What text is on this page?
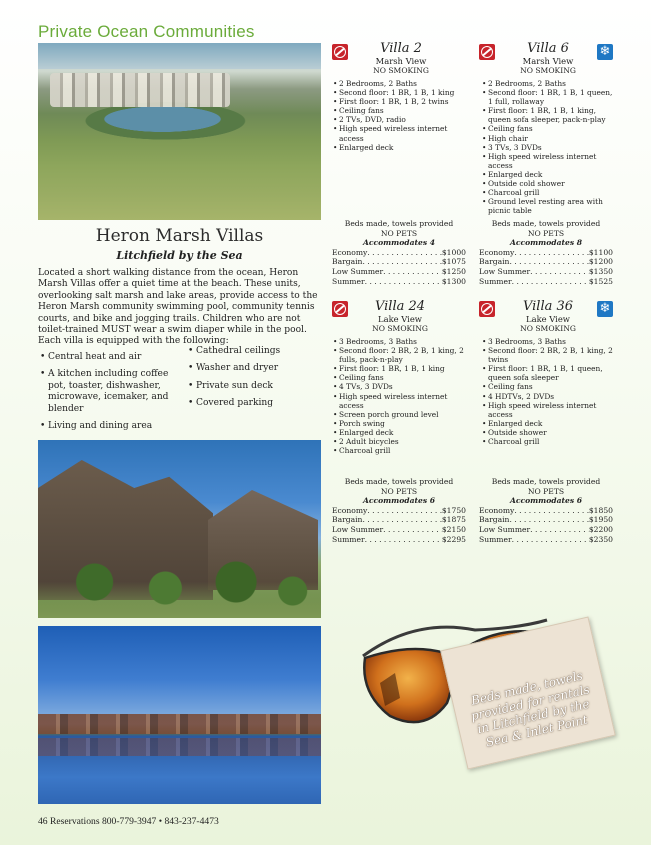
Private Ocean Communities
Heron Marsh Villas
Litchfield by the Sea

Located a short walking distance from the ocean, Heron Marsh Villas offer a quiet time at the beach. These units, overlooking salt marsh and lake areas, provide access to the Heron Marsh community swimming pool, community tennis courts, and bike and jogging trails. Children who are not toilet-trained MUST wear a swim diaper while in the pool. Each villa is equipped with the following:

• Central heat and air
• A kitchen including coffee pot, toaster, dishwasher, microwave, icemaker, and blender
• Living and dining area
• Cathedral ceilings
• Washer and dryer
• Private sun deck
• Covered parking
46 Reservations 800-779-3947 • 843-237-4473
Villa 2
Marsh View
NO SMOKING
• 2 Bedrooms, 2 Baths
• Second floor: 1 BR, 1 B, 1 king
• First floor: 1 BR, 1 B, 2 twins
• Ceiling fans
• 2 TVs, DVD, radio
• High speed wireless internet access
• Enlarged deck
Beds made, towels provided
NO PETS
Accommodates 4
Economy . . .	$1000
Bargain . . .	$1075
Low Summer . . .	$1250
Summer . . .	$1300
❄
Villa 6
Marsh View
NO SMOKING
• 2 Bedrooms, 2 Baths
• Second floor: 1 BR, 1 B, 1 queen, 1 full, rollaway
• First floor: 1 BR, 1 B, 1 king, queen sofa sleeper, pack-n-play
• Ceiling fans
• High chair
• 3 TVs, 3 DVDs
• High speed wireless internet access
• Enlarged deck
• Outside cold shower
• Charcoal grill
• Ground level resting area with picnic table
Beds made, towels provided
NO PETS
Accommodates 8
Economy . . .	$1100
Bargain . . .	$1200
Low Summer . . .	$1350
Summer . . .	$1525
Villa 24
Lake View
NO SMOKING
• 3 Bedrooms, 3 Baths
• Second floor: 2 BR, 2 B, 1 king, 2 fulls, pack-n-play
• First floor: 1 BR, 1 B, 1 king
• Ceiling fans
• 4 TVs, 3 DVDs
• High speed wireless internet access
• Screen porch ground level
• Porch swing
• Enlarged deck
• 2 Adult bicycles
• Charcoal grill
Beds made, towels provided
NO PETS
Accommodates 6
Economy . . .	$1750
Bargain . . .	$1875
Low Summer . . .	$2150
Summer . . .	$2295
❄
Villa 36
Lake View
NO SMOKING
• 3 Bedrooms, 3 Baths
• Second floor: 2 BR, 2 B, 1 king, 2 twins
• First floor: 1 BR, 1 B, 1 queen, queen sofa sleeper
• Ceiling fans
• 4 HDTVs, 2 DVDs
• High speed wireless internet access
• Enlarged deck
• Outside shower
• Charcoal grill
Beds made, towels provided
NO PETS
Accommodates 6
Economy . . .	$1850
Bargain . . .	$1950
Low Summer . . .	$2200
Summer . . .	$2350
Beds made, towels provided for rentals in Litchfield by the Sea & Inlet Point
